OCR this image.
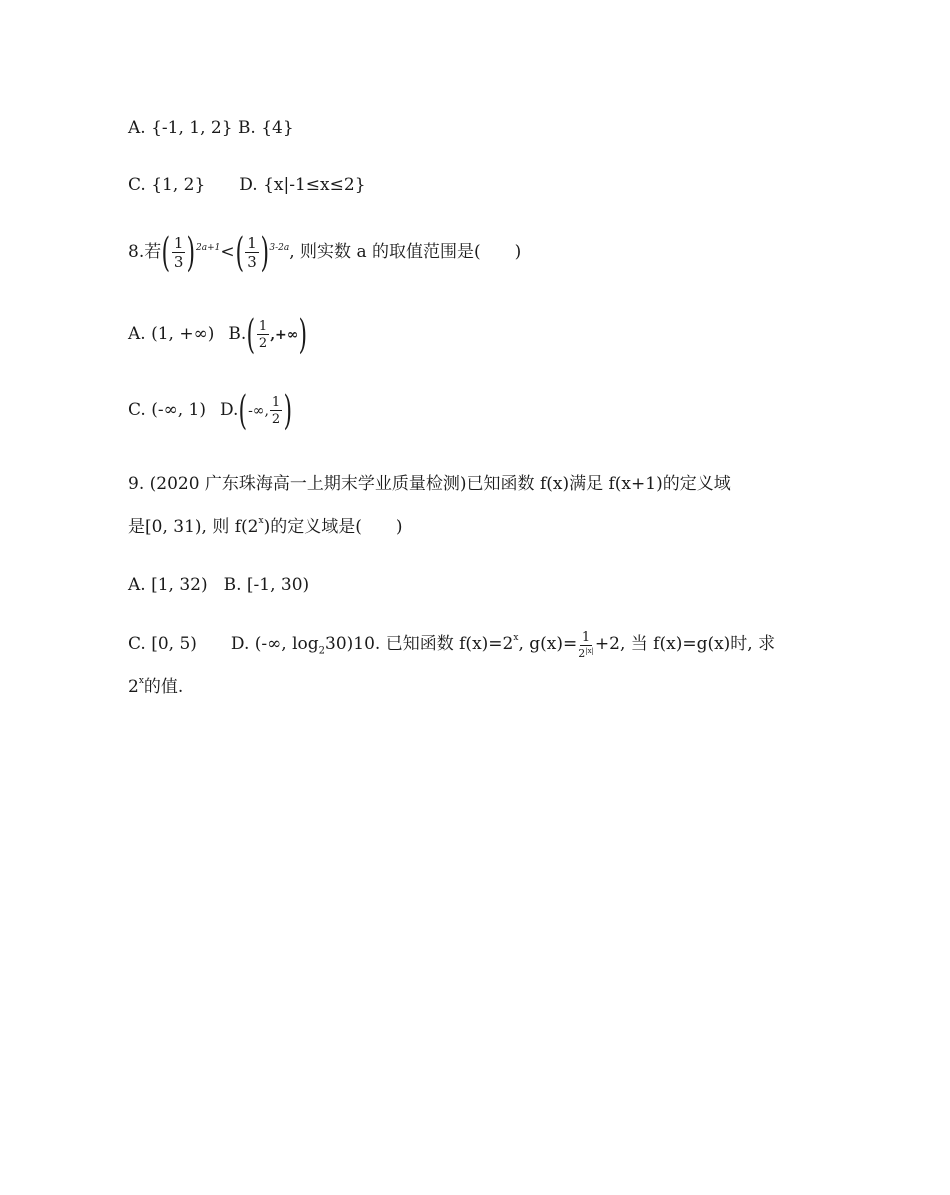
A. {-1, 1, 2} B. {4}
C. {1, 2} D. {x|-1≤x≤2}
8.若( $\frac{1}{3} )^{2a+1}<( \frac{1}{3} )^{3-2a}$, 则实数 a 的取值范围是( )
A. (1, +∞) $B.( \frac{1}{2}$ ,+∞)
C. (-∞, 1) D.(-∞, $\frac{1}{2}$ )
9. (2020 广东珠海高一上期末学业质量检测)已知函数 f(x)满足 f(x+1)的定义域
是[0, 31), 则 f(2$^x$)的定义域是( )
A. [1, 32) B. [-1, 30)
C. [0, 5) D. (-∞, $\log_230)10$. 已知函数 $f(x)=2^x$, $g(x)= \frac{1}{2^{|x|}} +2$, 当 f(x)=g(x)时, 求
2$^x$的值.
